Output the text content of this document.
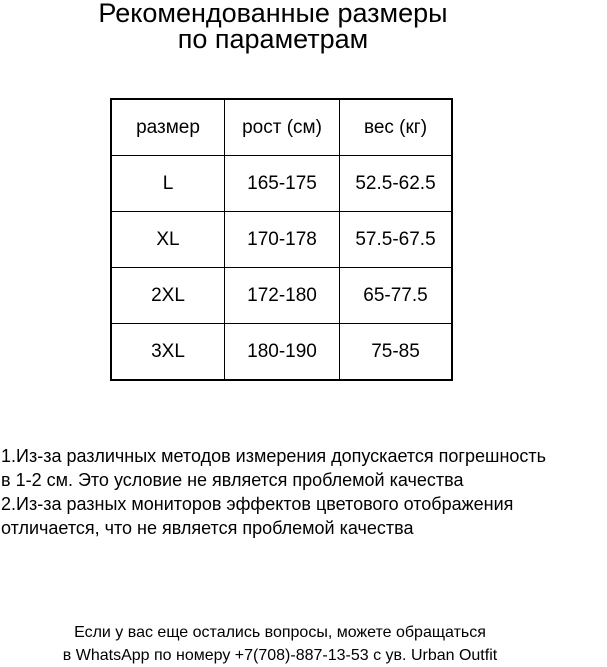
Рекомендованные размеры
по параметрам
размер	рост (см)	вес (кг)
L	165-175	52.5-62.5
XL	170-178	57.5-67.5
2XL	172-180	65-77.5
3XL	180-190	75-85
1.Из-за различных методов измерения допускается погрешность
в 1-2 см. Это условие не является проблемой качества
2.Из-за разных мониторов эффектов цветового отображения
отличается, что не является проблемой качества
Если у вас еще остались вопросы, можете обращаться
в WhatsApp по номеру +7(708)-887-13-53 с ув. Urban Outfit
